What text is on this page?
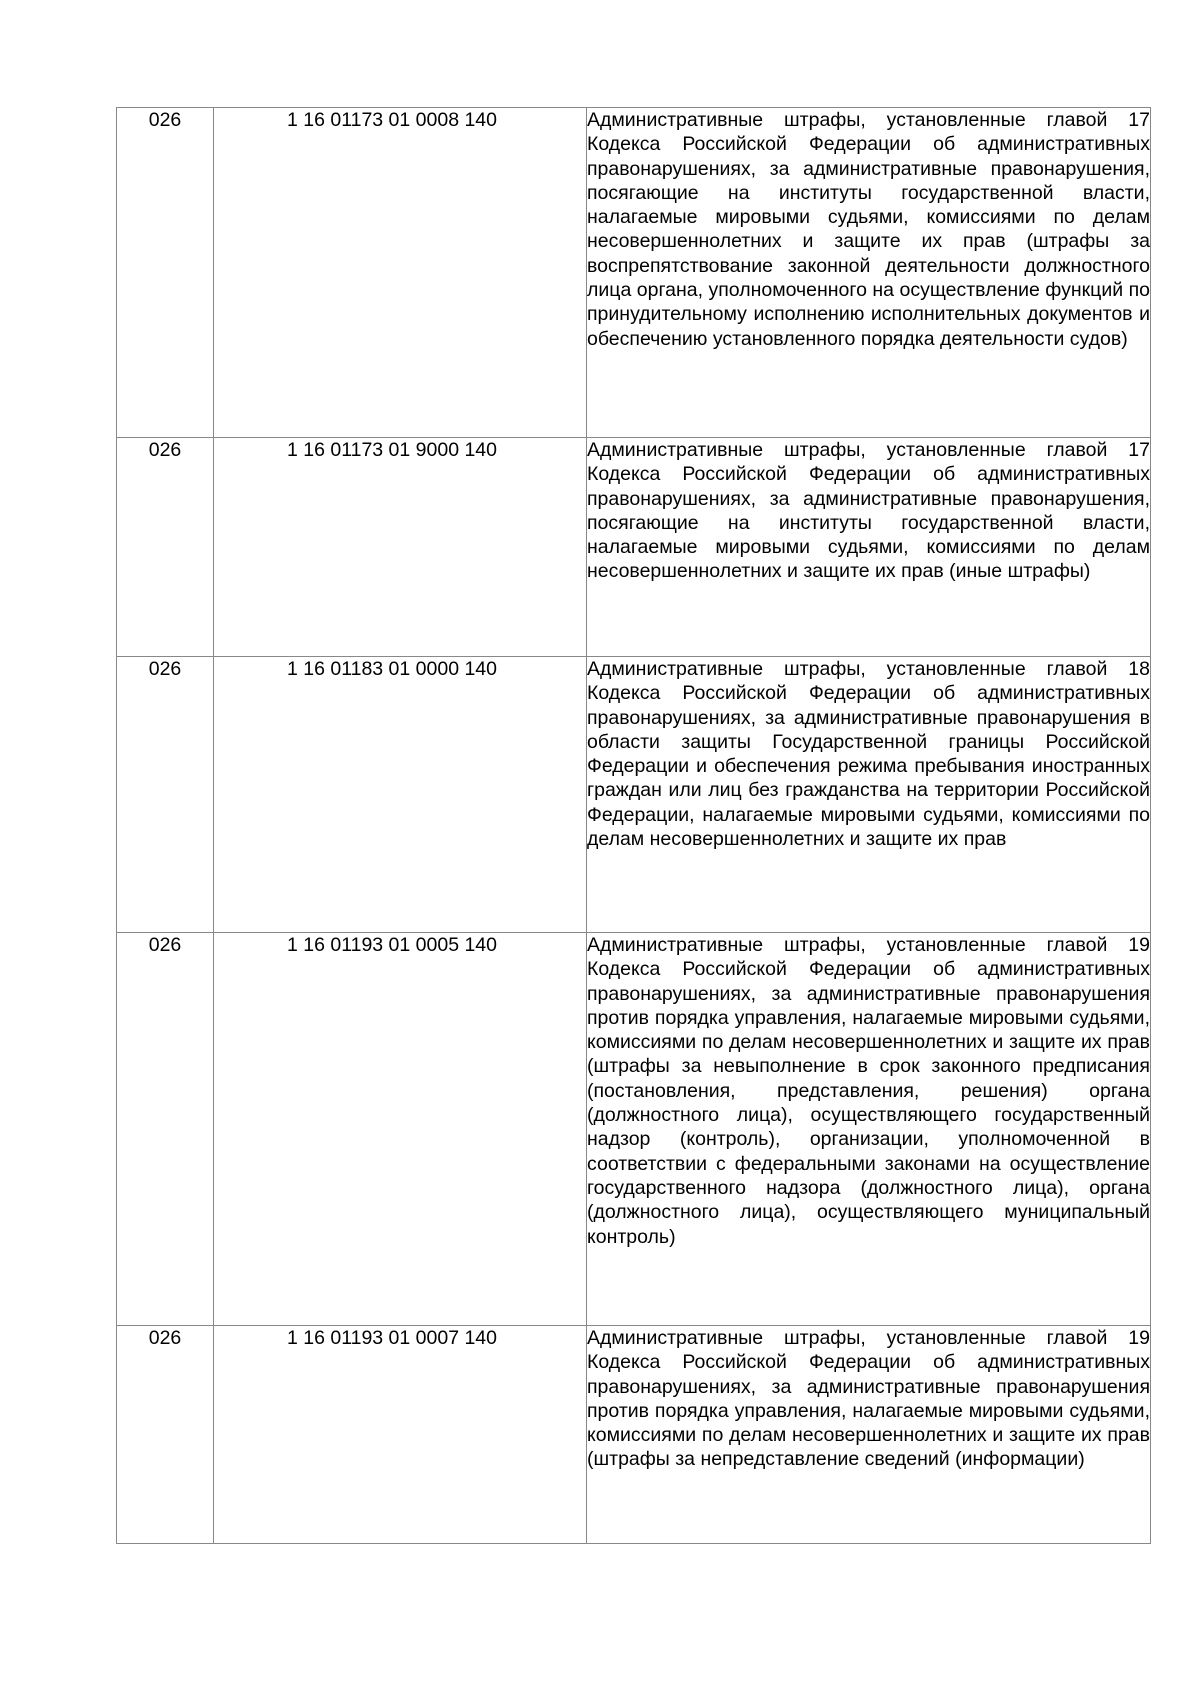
026	1 16 01173 01 0008 140	Административные штрафы, установленные главой 17 Кодекса Российской Федерации об административных правонарушениях, за административные правонарушения, посягающие на институты государственной власти, налагаемые мировыми судьями, комиссиями по делам несовершеннолетних и защите их прав (штрафы за воспрепятствование законной деятельности должностного лица органа, уполномоченного на осуществление функций по принудительному исполнению исполнительных документов и обеспечению установленного порядка деятельности судов)

026	1 16 01173 01 9000 140	Административные штрафы, установленные главой 17 Кодекса Российской Федерации об административных правонарушениях, за административные правонарушения, посягающие на институты государственной власти, налагаемые мировыми судьями, комиссиями по делам несовершеннолетних и защите их прав (иные штрафы)

026	1 16 01183 01 0000 140	Административные штрафы, установленные главой 18 Кодекса Российской Федерации об административных правонарушениях, за административные правонарушения в области защиты Государственной границы Российской Федерации и обеспечения режима пребывания иностранных граждан или лиц без гражданства на территории Российской Федерации, налагаемые мировыми судьями, комиссиями по делам несовершеннолетних и защите их прав

026	1 16 01193 01 0005 140	Административные штрафы, установленные главой 19 Кодекса Российской Федерации об административных правонарушениях, за административные правонарушения против порядка управления, налагаемые мировыми судьями, комиссиями по делам несовершеннолетних и защите их прав (штрафы за невыполнение в срок законного предписания (постановления, представления, решения) органа (должностного лица), осуществляющего государственный надзор (контроль), организации, уполномоченной в соответствии с федеральными законами на осуществление государственного надзора (должностного лица), органа (должностного лица), осуществляющего муниципальный контроль)

026	1 16 01193 01 0007 140	Административные штрафы, установленные главой 19 Кодекса Российской Федерации об административных правонарушениях, за административные правонарушения против порядка управления, налагаемые мировыми судьями, комиссиями по делам несовершеннолетних и защите их прав (штрафы за непредставление сведений (информации)
